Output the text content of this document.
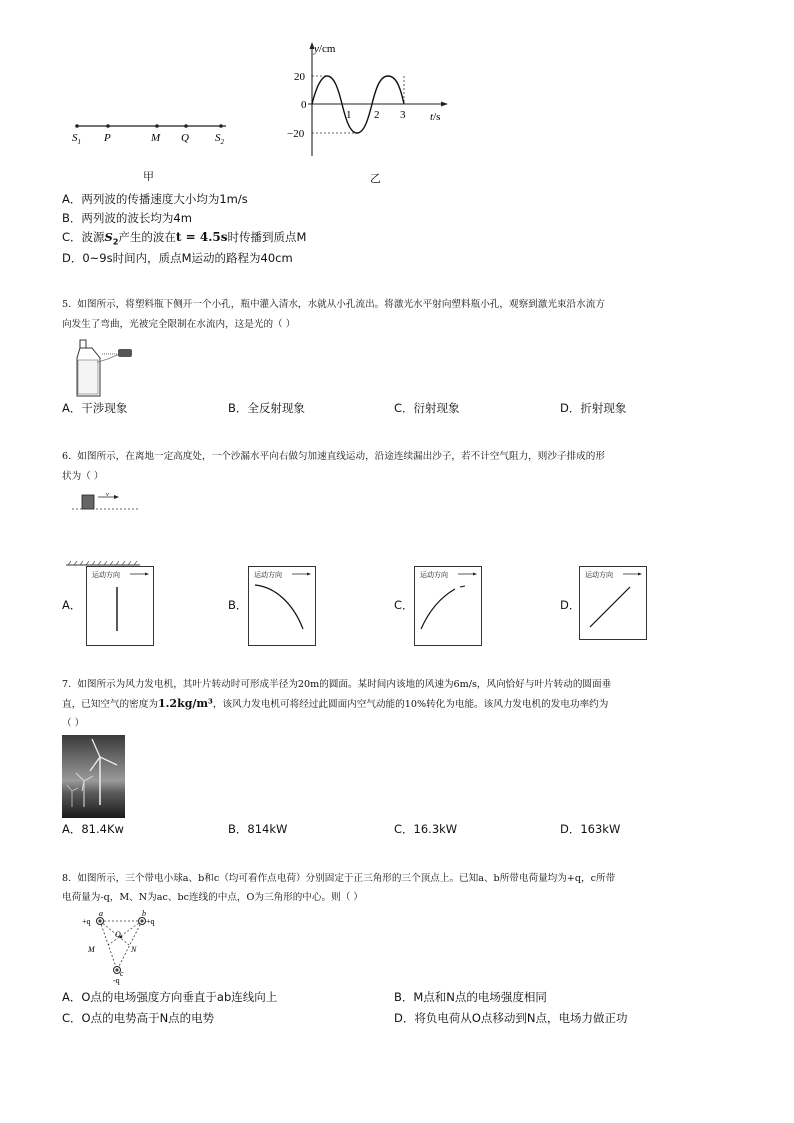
$S_1$ P	M Q $S_2$
甲
y/cm
t/s
20
0
−20
1 2 3
乙
A．两列波的传播速度大小均为1m/s
B．两列波的波长均为4m
C．波源$S_2$产生的波在t = 4.5s时传播到质点M
D．0~9s时间内，质点M运动的路程为40cm
5. 如图所示，将塑料瓶下侧开一个小孔，瓶中灌入清水，水就从小孔流出。将激光水平射向塑料瓶小孔，观察到激光束沿水流方
向发生了弯曲，光被完全限制在水流内，这是光的（ ）
A．干涉现象	B．全反射现象	C．衍射现象	D．折射现象
6. 如图所示，在离地一定高度处，一个沙漏水平向右做匀加速直线运动，沿途连续漏出沙子，若不计空气阻力，则沙子排成的形
状为（ ）
v
A．
运动方向
B．
运动方向
C．
运动方向
D．
运动方向
7. 如图所示为风力发电机，其叶片转动时可形成半径为20m的圆面。某时间内该地的风速为6m/s，风向恰好与叶片转动的圆面垂
直，已知空气的密度为1.2kg/m³，该风力发电机可将经过此圆面内空气动能的10%转化为电能。该风力发电机的发电功率约为
（ ）
A．81.4Kw	B．814kW	C．16.3kW	D．163kW
8. 如图所示，三个带电小球a、b和c（均可看作点电荷）分别固定于正三角形的三个顶点上。已知a、b所带电荷量均为+q，c所带
电荷量为-q，M、N为ac、bc连线的中点，O为三角形的中心。则（ ）
a	b
c
+q	+q
-q
O
M	N
A．O点的电场强度方向垂直于ab连线向上	B．M点和N点的电场强度相同
C．O点的电势高于N点的电势	D．将负电荷从O点移动到N点，电场力做正功
